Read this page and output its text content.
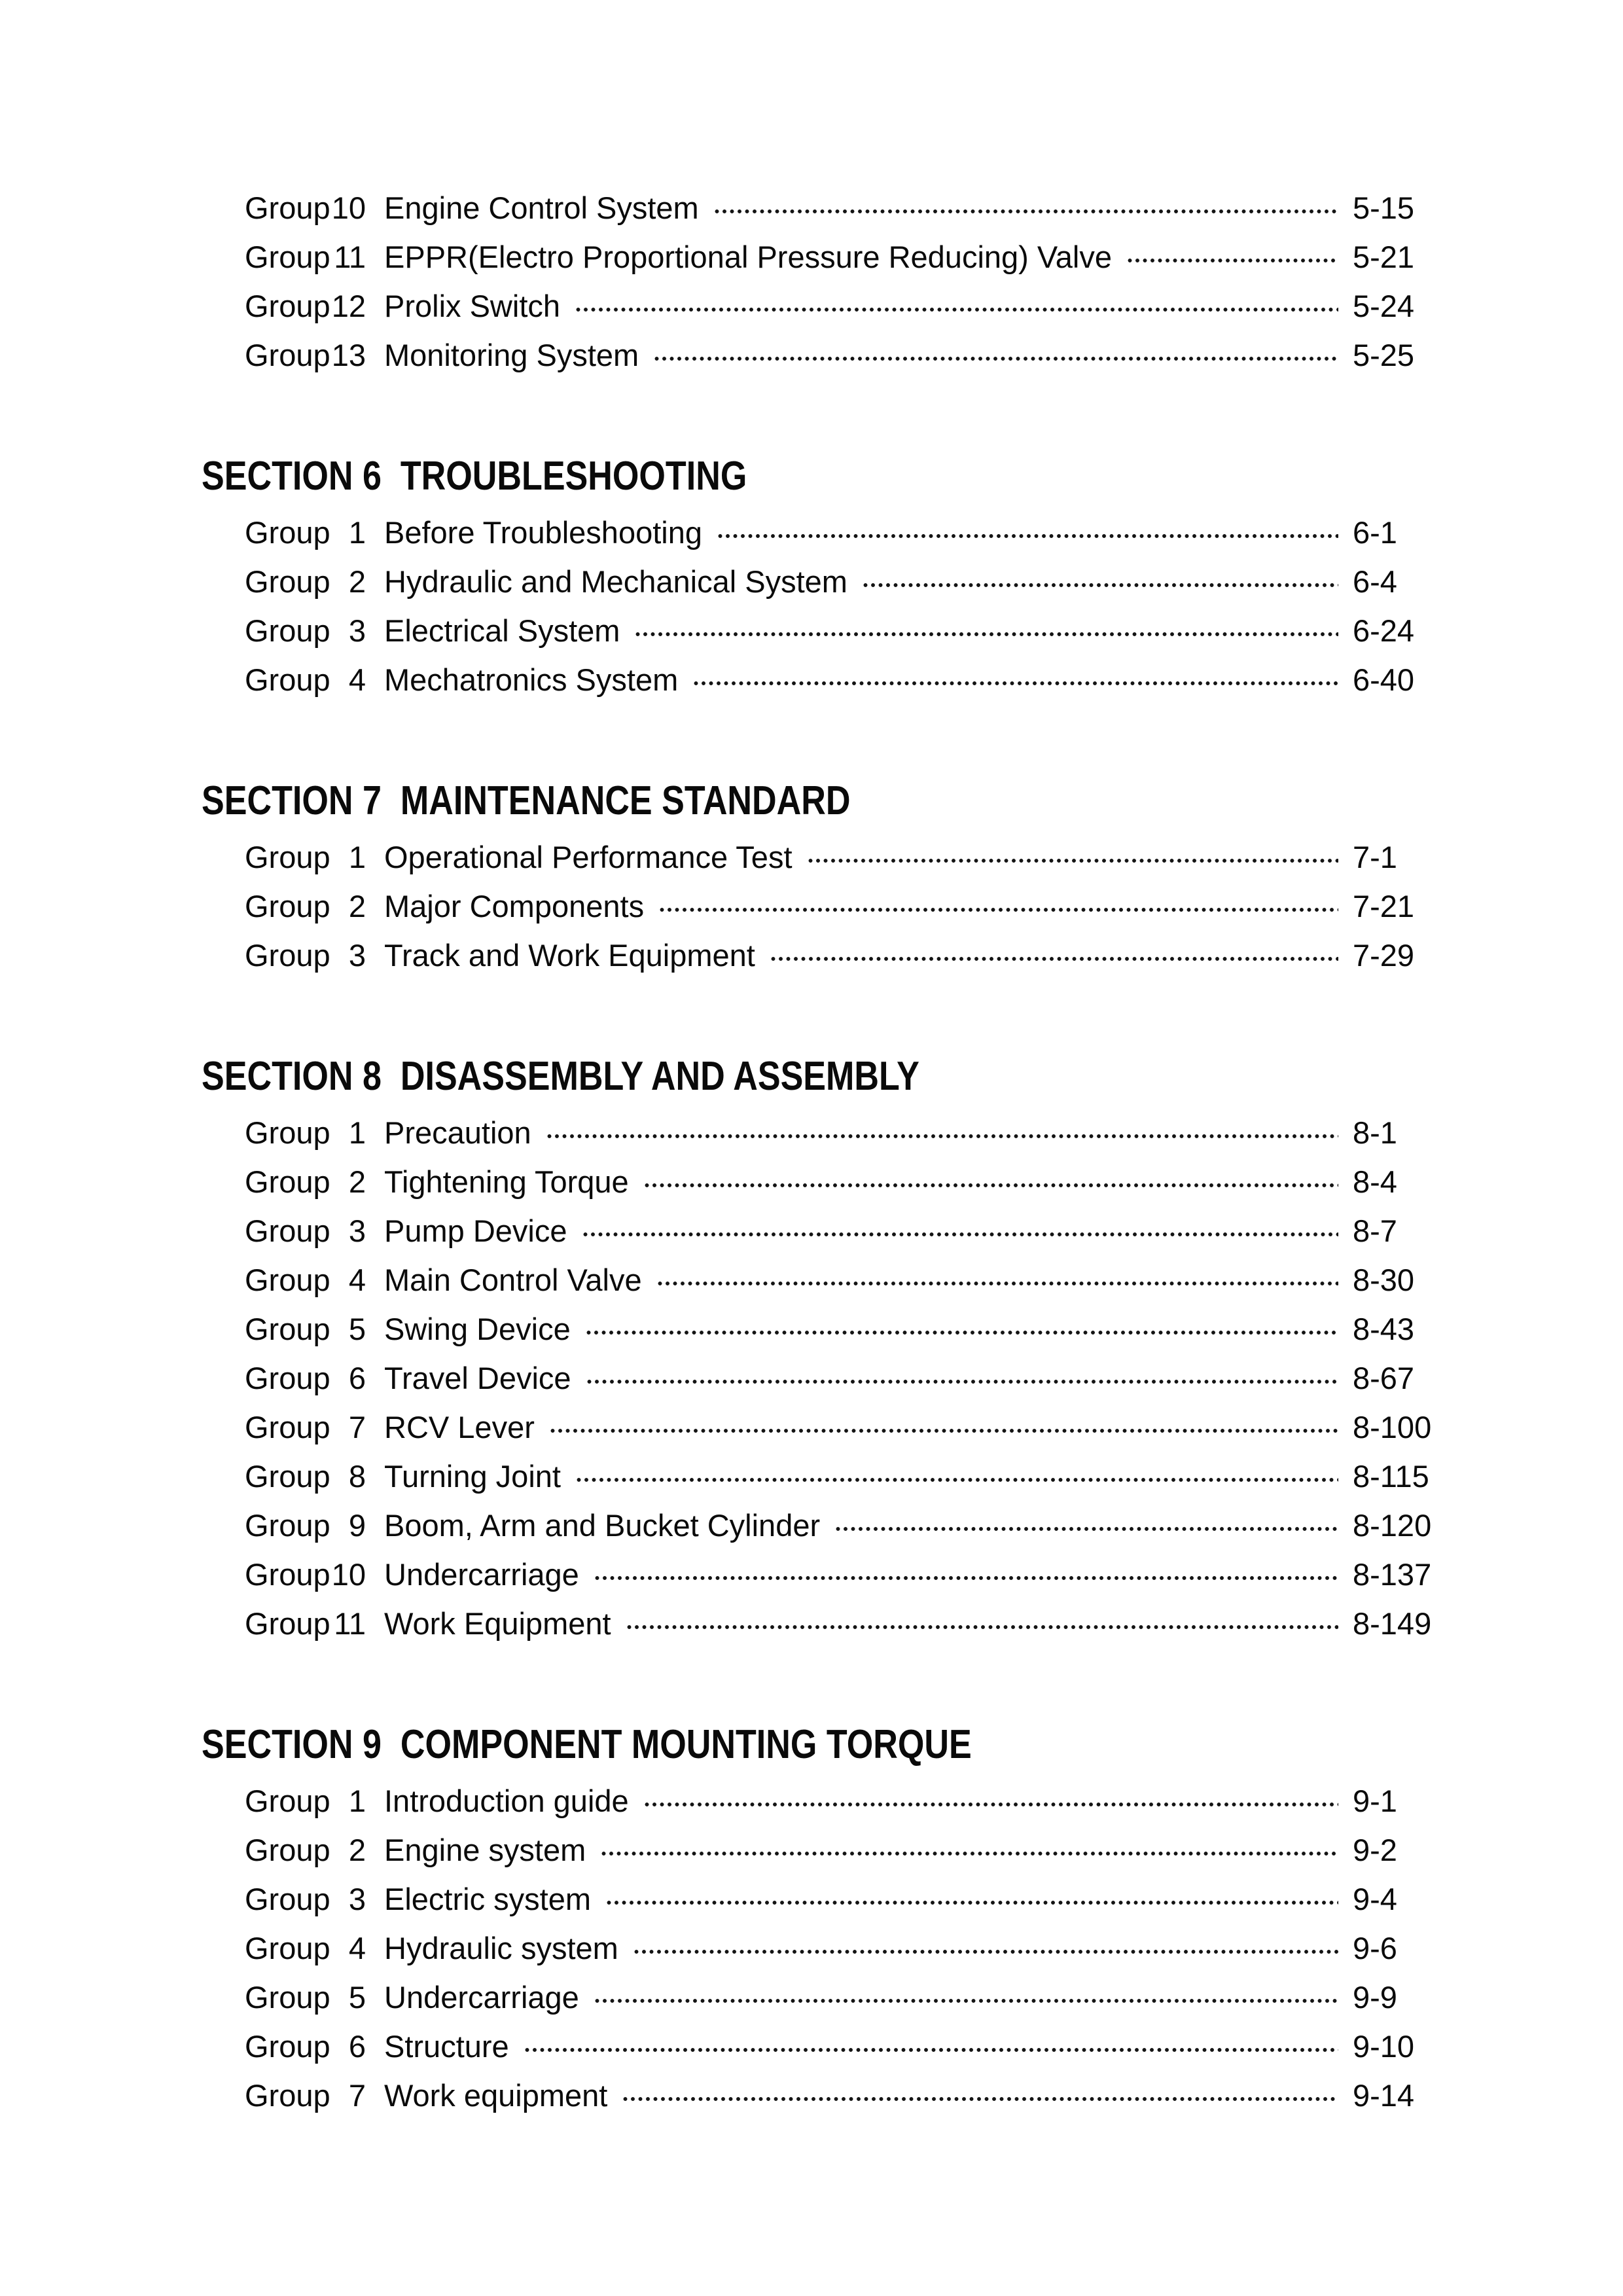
Group 10 Engine Control System	5-15
Group 11 EPPR(Electro Proportional Pressure Reducing) Valve	5-21
Group 12 Prolix Switch	5-24
Group 13 Monitoring System	5-25
SECTION 6  TROUBLESHOOTING
Group 1 Before Troubleshooting	6-1
Group 2 Hydraulic and Mechanical System	6-4
Group 3 Electrical System	6-24
Group 4 Mechatronics System	6-40
SECTION 7  MAINTENANCE STANDARD
Group 1 Operational Performance Test	7-1
Group 2 Major Components	7-21
Group 3 Track and Work Equipment	7-29
SECTION 8  DISASSEMBLY AND ASSEMBLY
Group 1 Precaution	8-1
Group 2 Tightening Torque	8-4
Group 3 Pump Device	8-7
Group 4 Main Control Valve	8-30
Group 5 Swing Device	8-43
Group 6 Travel Device	8-67
Group 7 RCV Lever	8-100
Group 8 Turning Joint	8-115
Group 9 Boom, Arm and Bucket Cylinder	8-120
Group 10 Undercarriage	8-137
Group 11 Work Equipment	8-149
SECTION 9  COMPONENT MOUNTING TORQUE
Group 1 Introduction guide	9-1
Group 2 Engine system	9-2
Group 3 Electric system	9-4
Group 4 Hydraulic system	9-6
Group 5 Undercarriage	9-9
Group 6 Structure	9-10
Group 7 Work equipment	9-14
